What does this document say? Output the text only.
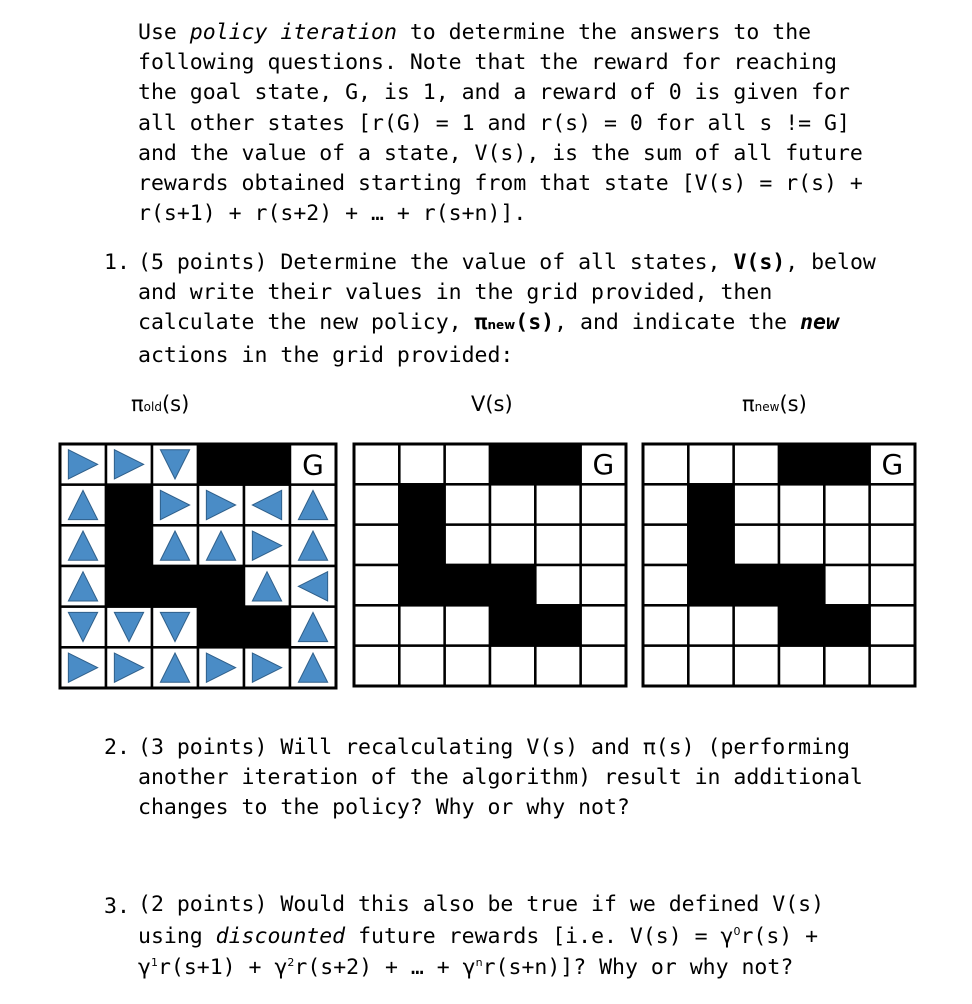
Use policy iteration to determine the answers to the
following questions. Note that the reward for reaching
the goal state, G, is 1, and a reward of 0 is given for
all other states [r(G) = 1 and r(s) = 0 for all s != G]
and the value of a state, V(s), is the sum of all future
rewards obtained starting from that state [V(s) = r(s) +
r(s+1) + r(s+2) + … + r(s+n)].
1. (5 points) Determine the value of all states, V(s), below
and write their values in the grid provided, then
calculate the new policy, πnew(s), and indicate the new
actions in the grid provided:
πold(s)	V(s)	πnew(s)
G	G	G
2. (3 points) Will recalculating V(s) and π(s) (performing
another iteration of the algorithm) result in additional
changes to the policy? Why or why not?
3. (2 points) Would this also be true if we defined V(s)
using discounted future rewards [i.e. $V(s) = \gamma^0r(s)$ +
$\gamma^1r(s+1) + \gamma^2r(s+2)$ + … + $\gamma^nr(s+n)$]? Why or why not?
